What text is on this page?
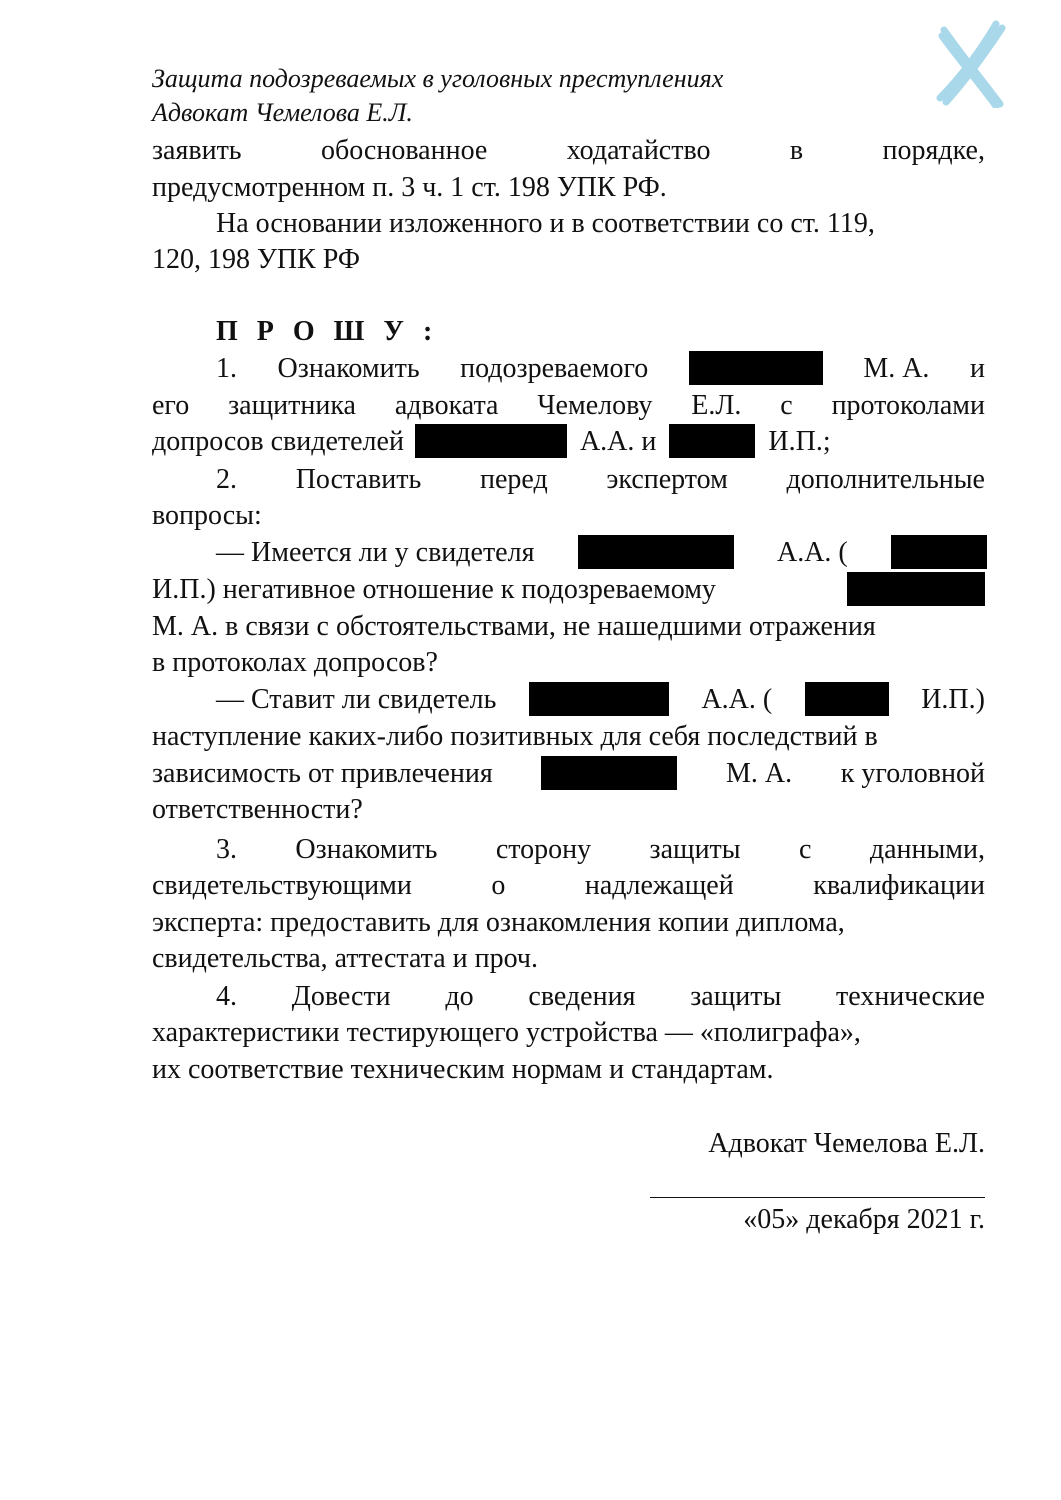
Защита подозреваемых в уголовных преступлениях
Адвокат Чемелова Е.Л.
заявить	обоснованное	ходатайство	в	порядке,
предусмотренном п. 3 ч. 1 ст. 198 УПК РФ.
На основании изложенного и в соответствии со ст. 119,
120, 198 УПК РФ
П Р О Ш У :
1. Ознакомить подозреваемого	М. А. и
его защитника адвоката Чемелову Е.Л. с протоколами
допросов свидетелей	А.А. и	И.П.;
2. Поставить перед экспертом дополнительные
вопросы:
— Имеется ли у свидетеля	А.А. (
И.П.) негативное отношение к подозреваемому
М. А. в связи с обстоятельствами, не нашедшими отражения
в протоколах допросов?
— Ставит ли свидетель	А.А. (	И.П.)
наступление каких-либо позитивных для себя последствий в
зависимость от привлечения	М. А. к уголовной
ответственности?
3. Ознакомить сторону защиты с данными,
свидетельствующими	о	надлежащей	квалификации
эксперта: предоставить для ознакомления копии диплома,
свидетельства, аттестата и проч.
4. Довести до сведения защиты технические
характеристики тестирующего устройства — «полиграфа»,
их соответствие техническим нормам и стандартам.
Адвокат Чемелова Е.Л.
«05» декабря 2021 г.
